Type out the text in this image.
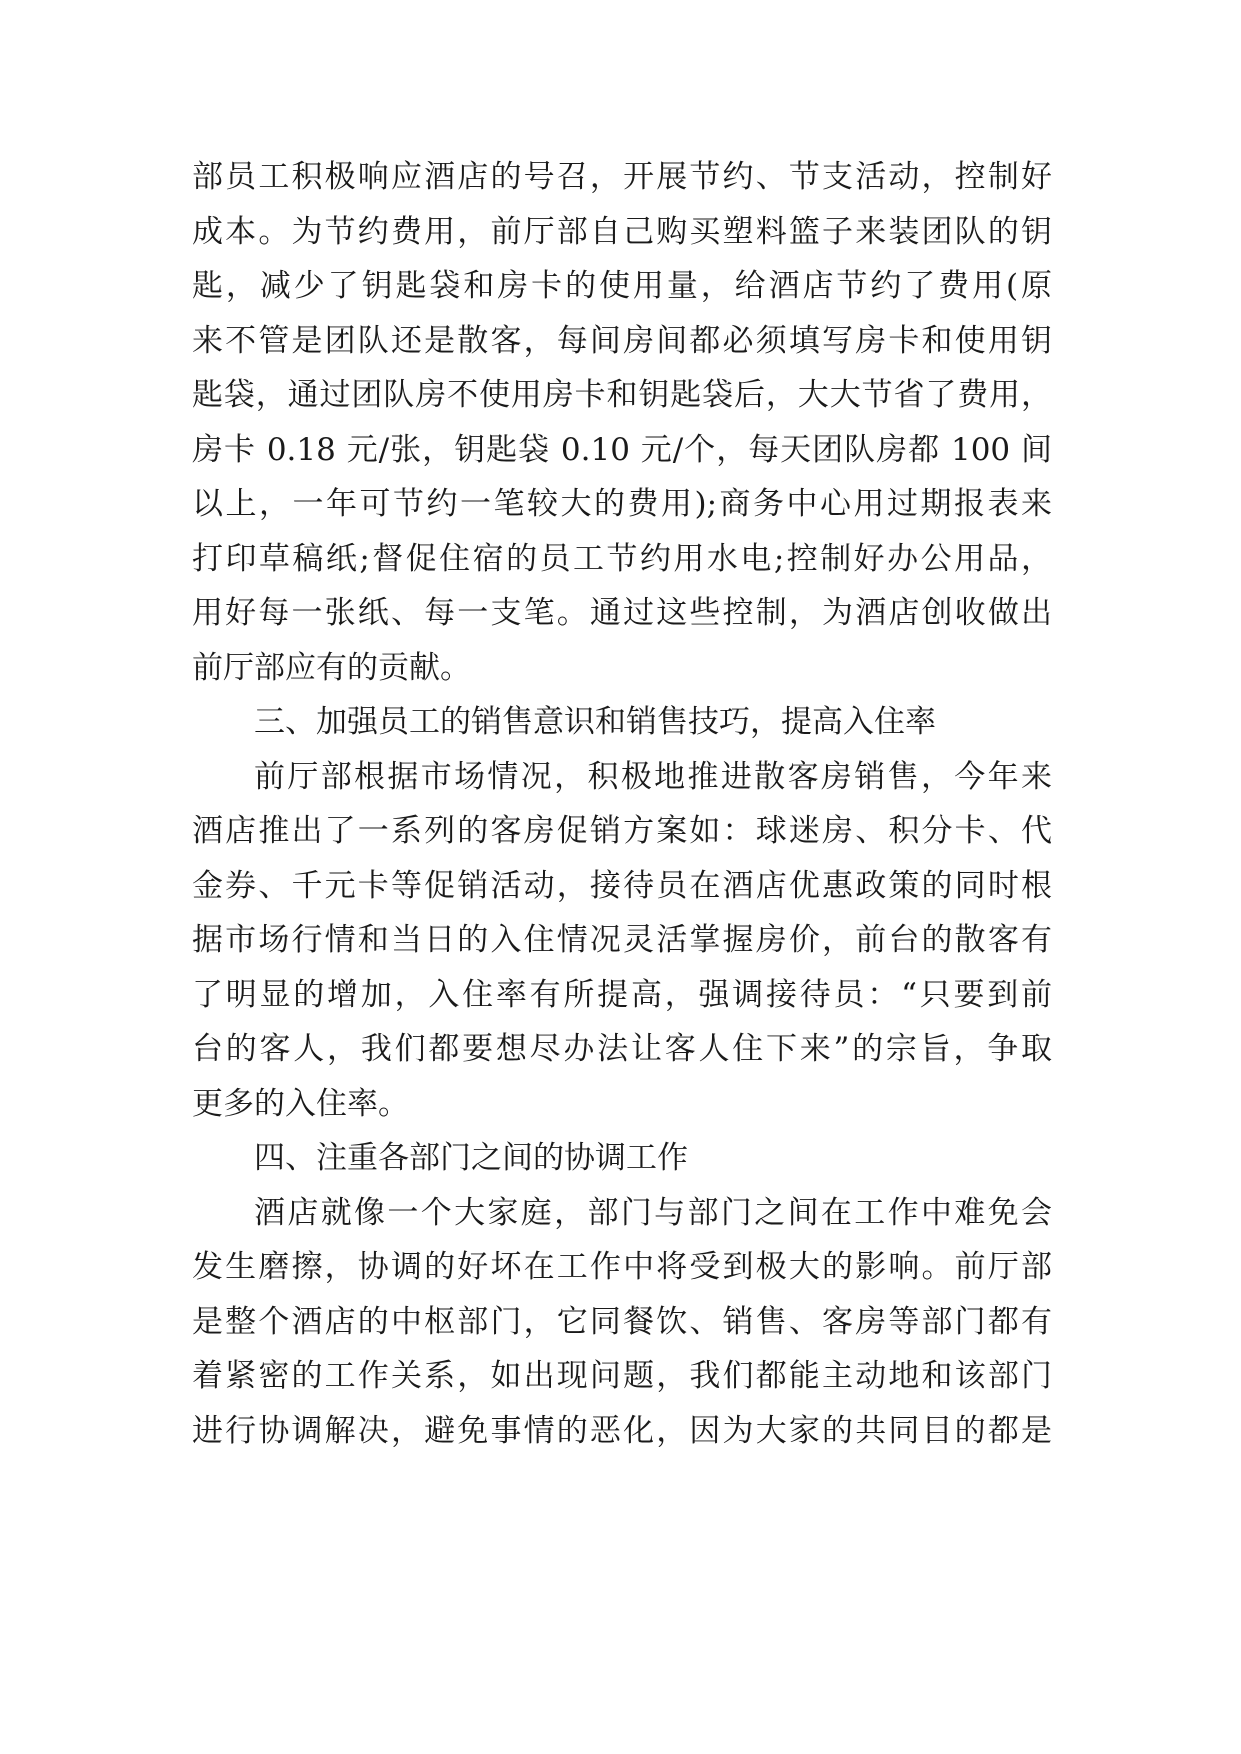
部员工积极响应酒店的号召，开展节约、节支活动，控制好
成本。为节约费用，前厅部自己购买塑料篮子来装团队的钥
匙，减少了钥匙袋和房卡的使用量，给酒店节约了费用(原
来不管是团队还是散客，每间房间都必须填写房卡和使用钥
匙袋，通过团队房不使用房卡和钥匙袋后，大大节省了费用，
房卡 0.18 元/张，钥匙袋 0.10 元/个，每天团队房都 100 间
以上，一年可节约一笔较大的费用);商务中心用过期报表来
打印草稿纸;督促住宿的员工节约用水电;控制好办公用品，
用好每一张纸、每一支笔。通过这些控制，为酒店创收做出
前厅部应有的贡献。
三、加强员工的销售意识和销售技巧，提高入住率
前厅部根据市场情况，积极地推进散客房销售，今年来
酒店推出了一系列的客房促销方案如：球迷房、积分卡、代
金券、千元卡等促销活动，接待员在酒店优惠政策的同时根
据市场行情和当日的入住情况灵活掌握房价，前台的散客有
了明显的增加，入住率有所提高，强调接待员：“只要到前
台的客人，我们都要想尽办法让客人住下来”的宗旨，争取
更多的入住率。
四、注重各部门之间的协调工作
酒店就像一个大家庭，部门与部门之间在工作中难免会
发生磨擦，协调的好坏在工作中将受到极大的影响。前厅部
是整个酒店的中枢部门，它同餐饮、销售、客房等部门都有
着紧密的工作关系，如出现问题，我们都能主动地和该部门
进行协调解决，避免事情的恶化，因为大家的共同目的都是
